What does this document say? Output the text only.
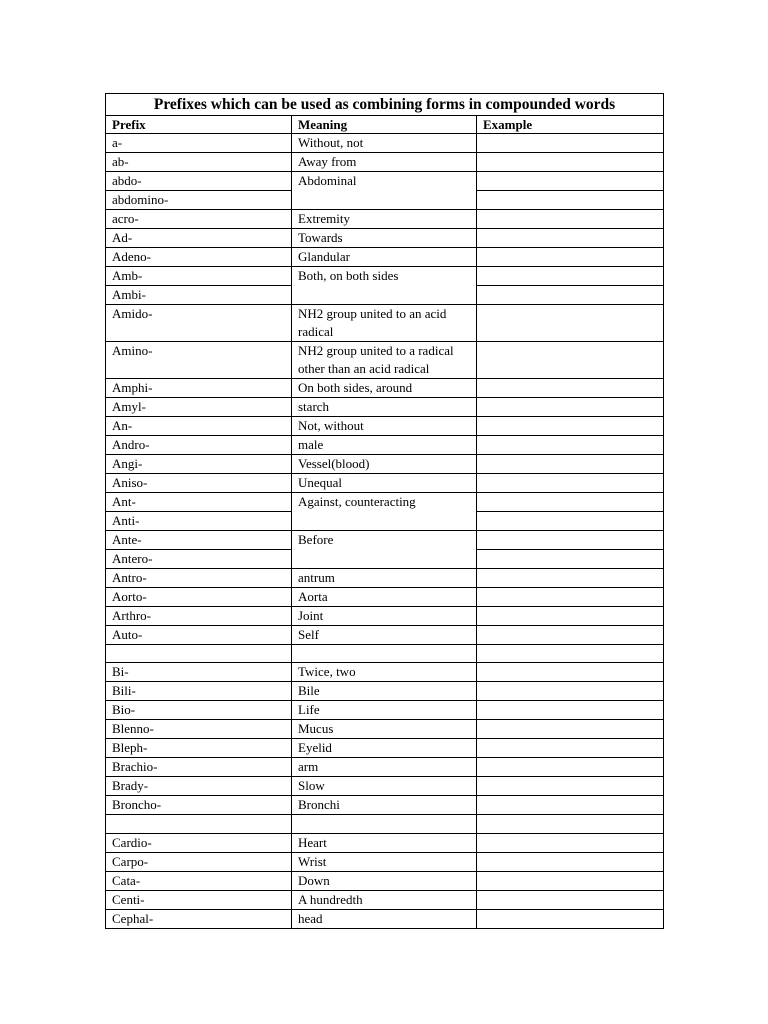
Prefixes which can be used as combining forms in compounded words		
Prefix	Meaning	Example
a-	Without, not	
ab-	Away from	
abdo-	Abdominal	
abdomino-		
acro-	Extremity	
Ad-	Towards	
Adeno-	Glandular	
Amb-	Both, on both sides	
Ambi-		
Amido-	NH2 group united to an acid radical	
Amino-	NH2 group united to a radical other than an acid radical	
Amphi-	On both sides, around	
Amyl-	starch	
An-	Not, without	
Andro-	male	
Angi-	Vessel(blood)	
Aniso-	Unequal	
Ant-	Against, counteracting	
Anti-		
Ante-	Before	
Antero-		
Antro-	antrum	
Aorto-	Aorta	
Arthro-	Joint	
Auto-	Self	

Bi-	Twice, two	
Bili-	Bile	
Bio-	Life	
Blenno-	Mucus	
Bleph-	Eyelid	
Brachio-	arm	
Brady-	Slow	
Broncho-	Bronchi	

Cardio-	Heart	
Carpo-	Wrist	
Cata-	Down	
Centi-	A hundredth	
Cephal-	head	
